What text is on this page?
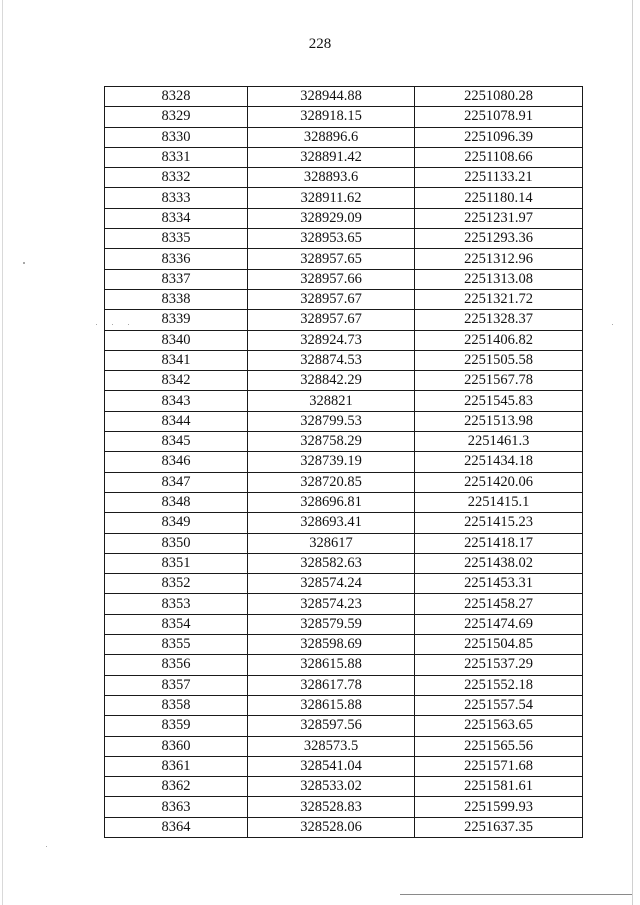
228
8328	328944.88	2251080.28
8329	328918.15	2251078.91
8330	328896.6	2251096.39
8331	328891.42	2251108.66
8332	328893.6	2251133.21
8333	328911.62	2251180.14
8334	328929.09	2251231.97
8335	328953.65	2251293.36
8336	328957.65	2251312.96
8337	328957.66	2251313.08
8338	328957.67	2251321.72
8339	328957.67	2251328.37
8340	328924.73	2251406.82
8341	328874.53	2251505.58
8342	328842.29	2251567.78
8343	328821	2251545.83
8344	328799.53	2251513.98
8345	328758.29	2251461.3
8346	328739.19	2251434.18
8347	328720.85	2251420.06
8348	328696.81	2251415.1
8349	328693.41	2251415.23
8350	328617	2251418.17
8351	328582.63	2251438.02
8352	328574.24	2251453.31
8353	328574.23	2251458.27
8354	328579.59	2251474.69
8355	328598.69	2251504.85
8356	328615.88	2251537.29
8357	328617.78	2251552.18
8358	328615.88	2251557.54
8359	328597.56	2251563.65
8360	328573.5	2251565.56
8361	328541.04	2251571.68
8362	328533.02	2251581.61
8363	328528.83	2251599.93
8364	328528.06	2251637.35
